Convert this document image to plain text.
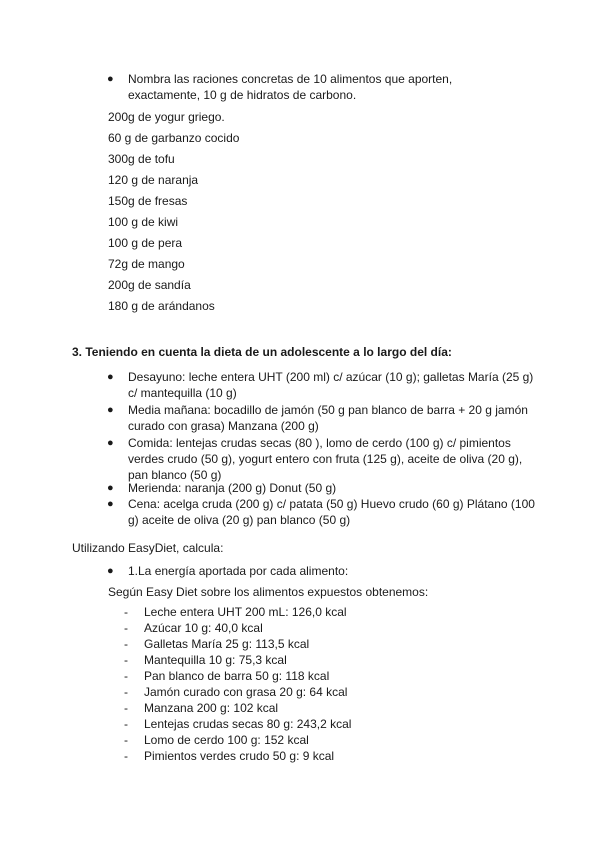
●	Nombra las raciones concretas de 10 alimentos que aporten, exactamente, 10 g de hidratos de carbono.
200g de yogur griego.
60 g de garbanzo cocido
300g de tofu
120 g de naranja
150g de fresas
100 g de kiwi
100 g de pera
72g de mango
200g de sandía
180 g de arándanos
3. Teniendo en cuenta la dieta de un adolescente a lo largo del día:
●	Desayuno: leche entera UHT (200 ml) c/ azúcar (10 g); galletas María (25 g) c/ mantequilla (10 g)
●	Media mañana: bocadillo de jamón (50 g pan blanco de barra + 20 g jamón curado con grasa) Manzana (200 g)
●	Comida: lentejas crudas secas (80 ), lomo de cerdo (100 g) c/ pimientos verdes crudo (50 g), yogurt entero con fruta (125 g), aceite de oliva (20 g), pan blanco (50 g)
●	Merienda: naranja (200 g) Donut (50 g)
●	Cena: acelga cruda (200 g) c/ patata (50 g) Huevo crudo (60 g) Plátano (100 g) aceite de oliva (20 g) pan blanco (50 g)
Utilizando EasyDiet, calcula:
●	1.La energía aportada por cada alimento:
Según Easy Diet sobre los alimentos expuestos obtenemos:
-	Leche entera UHT 200 mL: 126,0 kcal
-	Azúcar 10 g: 40,0 kcal
-	Galletas María 25 g: 113,5 kcal
-	Mantequilla 10 g: 75,3 kcal
-	Pan blanco de barra 50 g: 118 kcal
-	Jamón curado con grasa 20 g: 64 kcal
-	Manzana 200 g: 102 kcal
-	Lentejas crudas secas 80 g: 243,2 kcal
-	Lomo de cerdo 100 g: 152 kcal
-	Pimientos verdes crudo 50 g: 9 kcal
